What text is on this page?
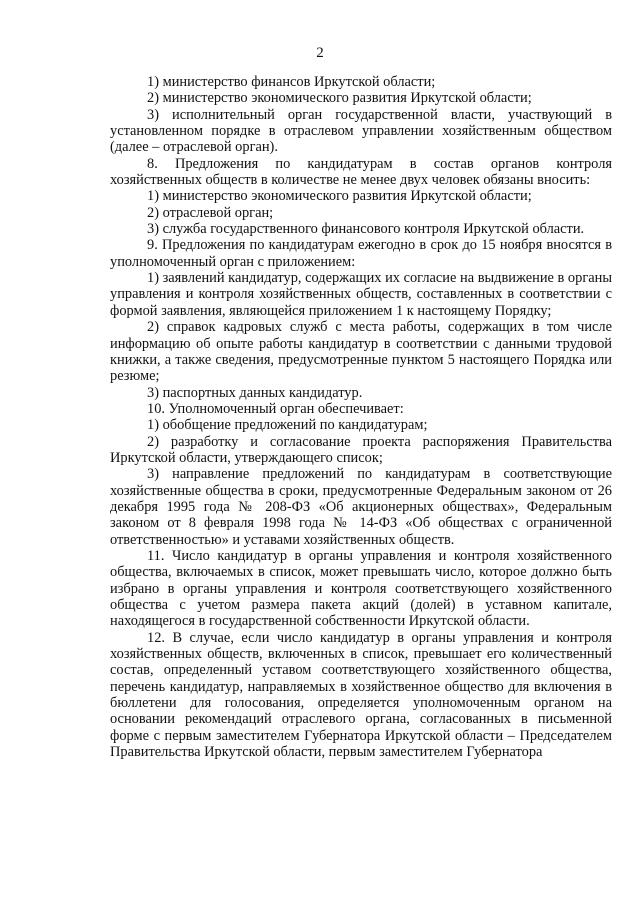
2

1) министерство финансов Иркутской области;

2) министерство экономического развития Иркутской области;

3) исполнительный орган государственной власти, участвующий в установленном порядке в отраслевом управлении хозяйственным обществом (далее – отраслевой орган).

8. Предложения по кандидатурам в состав органов контроля хозяйственных обществ в количестве не менее двух человек обязаны вносить:

1) министерство экономического развития Иркутской области;

2) отраслевой орган;

3) служба государственного финансового контроля Иркутской области.

9. Предложения по кандидатурам ежегодно в срок до 15 ноября вносятся в уполномоченный орган с приложением:

1) заявлений кандидатур, содержащих их согласие на выдвижение в органы управления и контроля хозяйственных обществ, составленных в соответствии с формой заявления, являющейся приложением 1 к настоящему Порядку;

2) справок кадровых служб с места работы, содержащих в том числе информацию об опыте работы кандидатур в соответствии с данными трудовой книжки, а также сведения, предусмотренные пунктом 5 настоящего Порядка или резюме;

3) паспортных данных кандидатур.

10. Уполномоченный орган обеспечивает:

1) обобщение предложений по кандидатурам;

2) разработку и согласование проекта распоряжения Правительства Иркутской области, утверждающего список;

3) направление предложений по кандидатурам в соответствующие хозяйственные общества в сроки, предусмотренные Федеральным законом от 26 декабря 1995 года № 208-ФЗ «Об акционерных обществах», Федеральным законом от 8 февраля 1998 года № 14-ФЗ «Об обществах с ограниченной ответственностью» и уставами хозяйственных обществ.

11. Число кандидатур в органы управления и контроля хозяйственного общества, включаемых в список, может превышать число, которое должно быть избрано в органы управления и контроля соответствующего хозяйственного общества с учетом размера пакета акций (долей) в уставном капитале, находящегося в государственной собственности Иркутской области.

12. В случае, если число кандидатур в органы управления и контроля хозяйственных обществ, включенных в список, превышает его количественный состав, определенный уставом соответствующего хозяйственного общества, перечень кандидатур, направляемых в хозяйственное общество для включения в бюллетени для голосования, определяется уполномоченным органом на основании рекомендаций отраслевого органа, согласованных в письменной форме с первым заместителем Губернатора Иркутской области – Председателем Правительства Иркутской области, первым заместителем Губернатора
